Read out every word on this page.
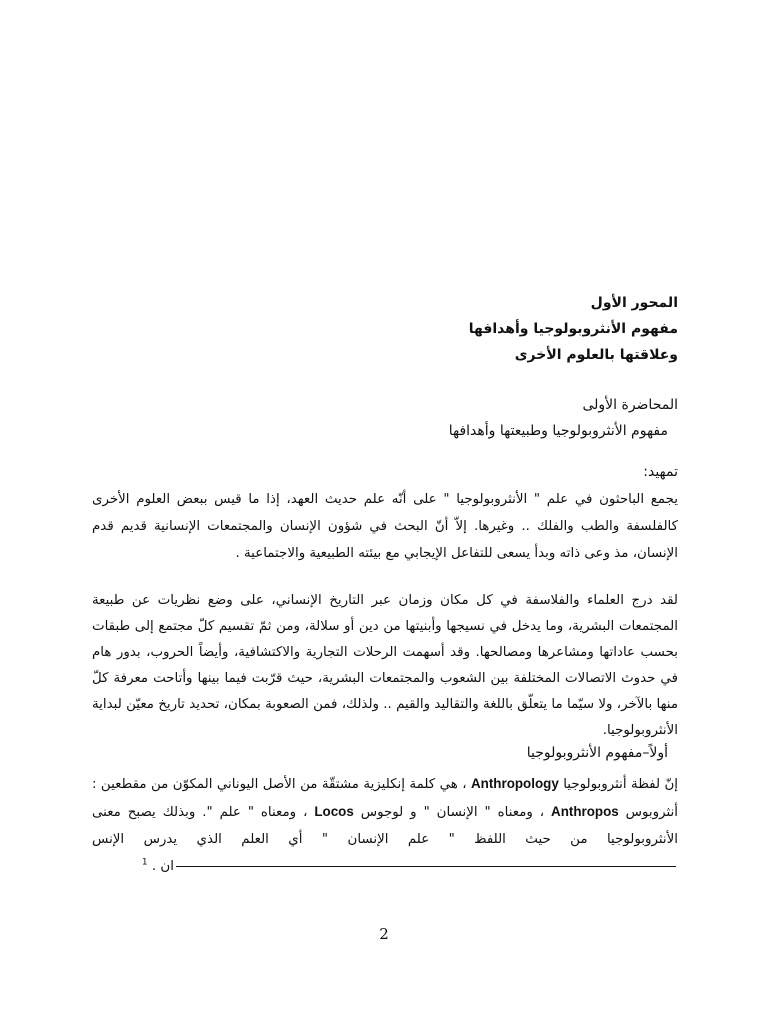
المحور الأول
مفهوم الأنثروبولوجيا وأهدافها
وعلاقتها بالعلوم الأخرى
المحاضرة الأولى
مفهوم الأنثروبولوجيا وطبيعتها وأهدافها
تمهيد:

يجمع الباحثون في علم " الأنثروبولوجيا " على أنّه علم حديث العهد، إذا ما قيس ببعض العلوم الأخرى كالفلسفة والطب والفلك .. وغيرها. إلاّ أنّ البحث في شؤون الإنسان والمجتمعات الإنسانية قديم قدم الإنسان، مذ وعى ذاته وبدأ يسعى للتفاعل الإيجابي مع بيئته الطبيعية والاجتماعية .

لقد درج العلماء والفلاسفة في كل مكان وزمان عبر التاريخ الإنساني، على وضع نظريات عن طبيعة المجتمعات البشرية، وما يدخل في نسيجها وأبنيتها من دين أو سلالة، ومن ثمّ تقسيم كلّ مجتمع إلى طبقات بحسب عاداتها ومشاعرها ومصالحها. وقد أسهمت الرحلات التجارية والاكتشافية، وأيضاً الحروب، بدور هام في حدوث الاتصالات المختلفة بين الشعوب والمجتمعات البشرية، حيث قرّبت فيما بينها وأتاحت معرفة كلّ منها بالآخر، ولا سيّما ما يتعلّق باللغة والتقاليد والقيم .. ولذلك، فمن الصعوبة بمكان، تحديد تاريخ معيّن لبداية الأنثروبولوجيا.

أولاً–مفهوم الأنثروبولوجيا

إنّ لفظة أنثروبولوجيا Anthropology ، هي كلمة إنكليزية مشتقّة من الأصل اليوناني المكوّن من مقطعين : أنثروبوس Anthropos ، ومعناه " الإنسان " و لوجوس Locos ، ومعناه " علم ". وبذلك يصبح معنى الأنثروبولوجيا من حيث اللفظ " علم الإنسان " أي العلم الذي يدرس الإنسان . $^1$

2
